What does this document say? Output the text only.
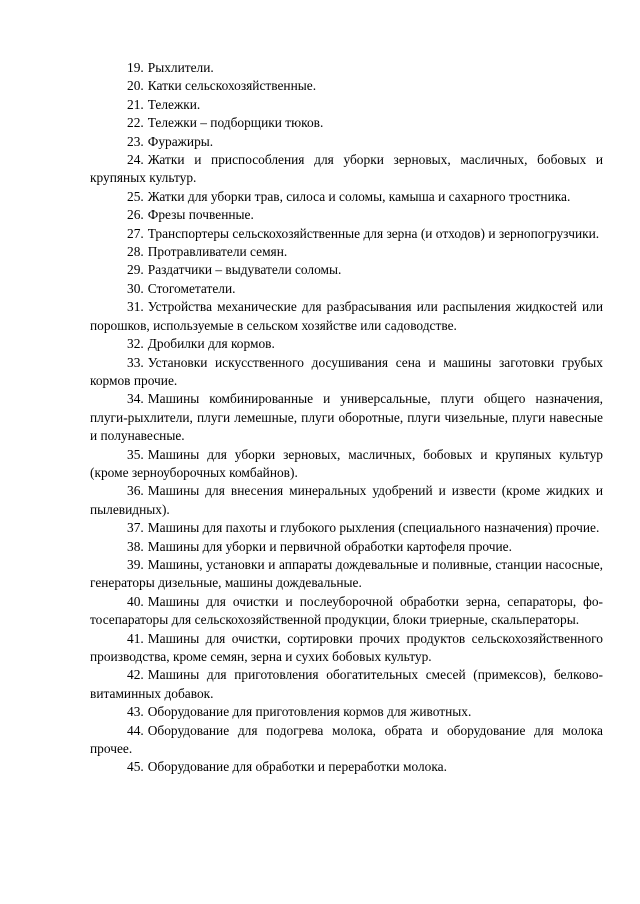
19. Рыхлители.

20. Катки сельскохозяйственные.

21. Тележки.

22. Тележки – подборщики тюков.

23. Фуражиры.

24. Жатки и приспособления для уборки зерновых, масличных, бобовых и крупяных культур.

25. Жатки для уборки трав, силоса и соломы, камыша и сахарного тростника.

26. Фрезы почвенные.

27. Транспортеры сельскохозяйственные для зерна (и отходов) и зернопогрузчики.

28. Протравливатели семян.

29. Раздатчики – выдуватели соломы.

30. Стогометатели.

31. Устройства механические для разбрасывания или распыления жидкостей или порошков, используемые в сельском хозяйстве или садоводстве.

32. Дробилки для кормов.

33. Установки искусственного досушивания сена и машины заготовки грубых кормов прочие.

34. Машины комбинированные и универсальные, плуги общего назначения, плуги-рыхлители, плуги лемешные, плуги оборотные, плуги чизельные, плуги навесные и полунавесные.

35. Машины для уборки зерновых, масличных, бобовых и крупяных культур (кроме зерноуборочных комбайнов).

36. Машины для внесения минеральных удобрений и извести (кроме жидких и пылевидных).

37. Машины для пахоты и глубокого рыхления (специального назначения) прочие.

38. Машины для уборки и первичной обработки картофеля прочие.

39. Машины, установки и аппараты дождевальные и поливные, станции насосные, генераторы дизельные, машины дождевальные.

40. Машины для очистки и послеуборочной обработки зерна, сепараторы, фотосепараторы для сельскохозяйственной продукции, блоки триерные, скальператоры.

41. Машины для очистки, сортировки прочих продуктов сельскохозяйственного производства, кроме семян, зерна и сухих бобовых культур.

42. Машины для приготовления обогатительных смесей (примексов), белково-витаминных добавок.

43. Оборудование для приготовления кормов для животных.

44. Оборудование для подогрева молока, обрата и оборудование для молока прочее.

45. Оборудование для обработки и переработки молока.
